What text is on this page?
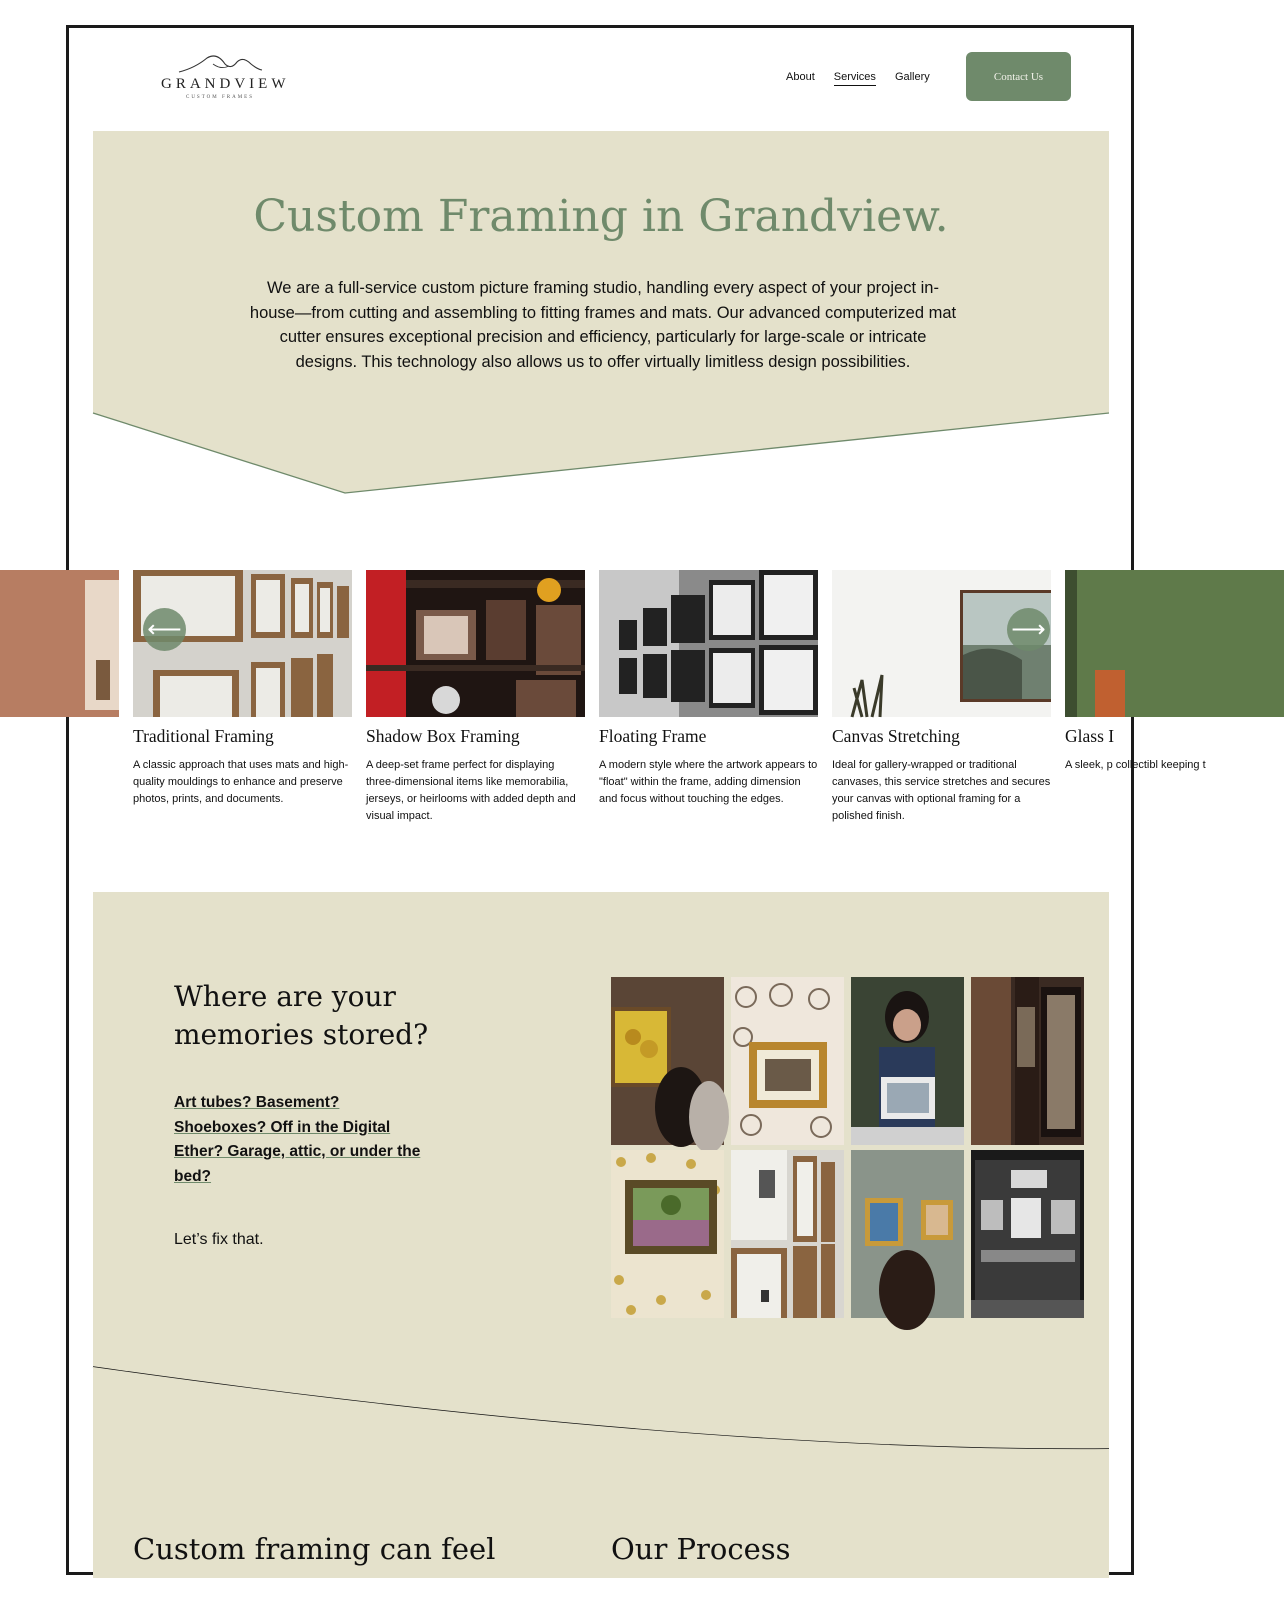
GRANDVIEW
CUSTOM FRAMES
About Services Gallery	Contact Us
Custom Framing in Grandview.

We are a full-service custom picture framing studio, handling every aspect of your project in-house—from cutting and assembling to fitting frames and mats. Our advanced computerized mat cutter ensures exceptional precision and efficiency, particularly for large-scale or intricate designs. This technology also allows us to offer virtually limitless design possibilities.

Traditional Framing

A classic approach that uses mats and high-quality mouldings to enhance and preserve photos, prints, and documents.

Shadow Box Framing

A deep-set frame perfect for displaying three-dimensional items like memorabilia, jerseys, or heirlooms with added depth and visual impact.

Floating Frame

A modern style where the artwork appears to "float" within the frame, adding dimension and focus without touching the edges.

Canvas Stretching

Ideal for gallery-wrapped or traditional canvases, this service stretches and secures your canvas with optional framing for a polished finish.

Glass I

A sleek, p collectibl keeping t

⟵	⟶
Where are your memories stored?
Art tubes? Basement?
Shoeboxes? Off in the Digital
Ether? Garage, attic, or under the
bed?
Let’s fix that.
Custom framing can feel	Our Process
